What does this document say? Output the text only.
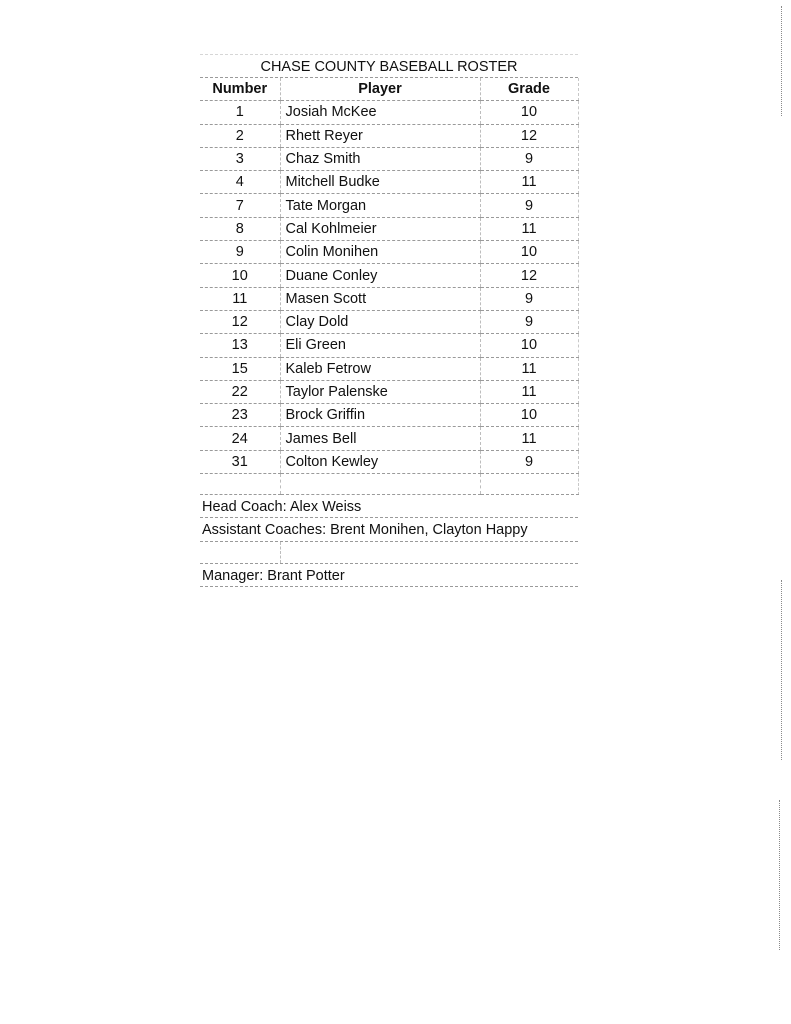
CHASE COUNTY BASEBALL ROSTER
Number	Player	Grade
1	Josiah McKee	10
2	Rhett Reyer	12
3	Chaz Smith	9
4	Mitchell Budke	11
7	Tate Morgan	9
8	Cal Kohlmeier	11
9	Colin Monihen	10
10	Duane Conley	12
11	Masen Scott	9
12	Clay Dold	9
13	Eli Green	10
15	Kaleb Fetrow	11
22	Taylor Palenske	11
23	Brock Griffin	10
24	James Bell	11
31	Colton Kewley	9

Head Coach: Alex Weiss
Assistant Coaches: Brent Monihen, Clayton Happy
Manager: Brant Potter
